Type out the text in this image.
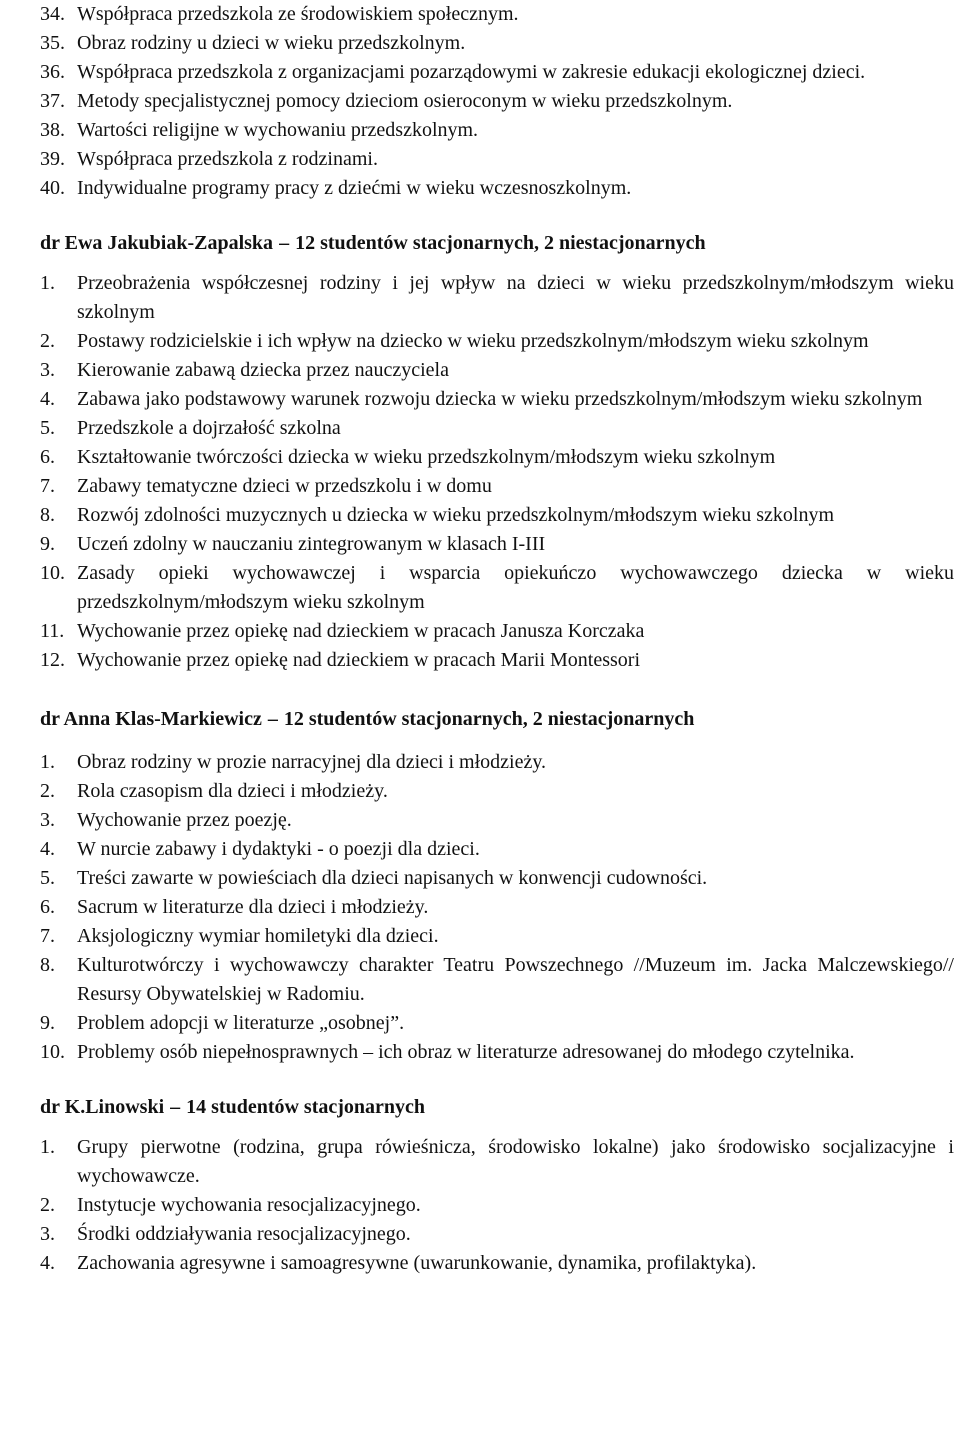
34. Współpraca przedszkola ze środowiskiem społecznym.
35. Obraz rodziny u dzieci w wieku przedszkolnym.
36. Współpraca przedszkola z organizacjami pozarządowymi w zakresie edukacji ekologicznej dzieci.
37. Metody specjalistycznej pomocy dzieciom osieroconym w wieku przedszkolnym.
38. Wartości religijne w wychowaniu przedszkolnym.
39. Współpraca przedszkola z rodzinami.
40. Indywidualne programy pracy z dziećmi w wieku wczesnoszkolnym.
dr Ewa Jakubiak-Zapalska – 12 studentów stacjonarnych, 2 niestacjonarnych
1.	Przeobrażenia współczesnej rodziny i jej wpływ na dzieci w wieku przedszkolnym/młodszym wieku szkolnym
2.	Postawy rodzicielskie i ich wpływ na dziecko w wieku przedszkolnym/młodszym wieku szkolnym
3.	Kierowanie zabawą dziecka przez nauczyciela
4.	Zabawa jako podstawowy warunek rozwoju dziecka w wieku przedszkolnym/młodszym wieku szkolnym
5.	Przedszkole a dojrzałość szkolna
6.	Kształtowanie twórczości dziecka w wieku przedszkolnym/młodszym wieku szkolnym
7.	Zabawy tematyczne dzieci w przedszkolu i w domu
8.	Rozwój zdolności muzycznych u dziecka w wieku przedszkolnym/młodszym wieku szkolnym
9.	Uczeń zdolny w nauczaniu zintegrowanym w klasach I-III
10. Zasady opieki wychowawczej i wsparcia opiekuńczo wychowawczego dziecka w wieku przedszkolnym/młodszym wieku szkolnym
11. Wychowanie przez opiekę nad dzieckiem w pracach Janusza Korczaka
12. Wychowanie przez opiekę nad dzieckiem w pracach Marii Montessori
dr Anna Klas-Markiewicz – 12 studentów stacjonarnych, 2 niestacjonarnych
1.	Obraz rodziny w prozie narracyjnej dla dzieci i młodzieży.
2.	Rola czasopism dla dzieci i młodzieży.
3.	Wychowanie przez poezję.
4.	W nurcie zabawy i dydaktyki - o poezji dla dzieci.
5.	Treści zawarte w powieściach dla dzieci napisanych w konwencji cudowności.
6.	Sacrum w literaturze dla dzieci i młodzieży.
7.	Aksjologiczny wymiar homiletyki dla dzieci.
8.	Kulturotwórczy i wychowawczy charakter Teatru Powszechnego //Muzeum im. Jacka Malczewskiego// Resursy Obywatelskiej w Radomiu.
9.	Problem adopcji w literaturze „osobnej”.
10. Problemy osób niepełnosprawnych – ich obraz w literaturze adresowanej do młodego czytelnika.
dr K.Linowski – 14 studentów stacjonarnych
1.	Grupy pierwotne (rodzina, grupa rówieśnicza, środowisko lokalne) jako środowisko socjalizacyjne i wychowawcze.
2.	Instytucje wychowania resocjalizacyjnego.
3.	Środki oddziaływania resocjalizacyjnego.
4.	Zachowania agresywne i samoagresywne (uwarunkowanie, dynamika, profilaktyka).
